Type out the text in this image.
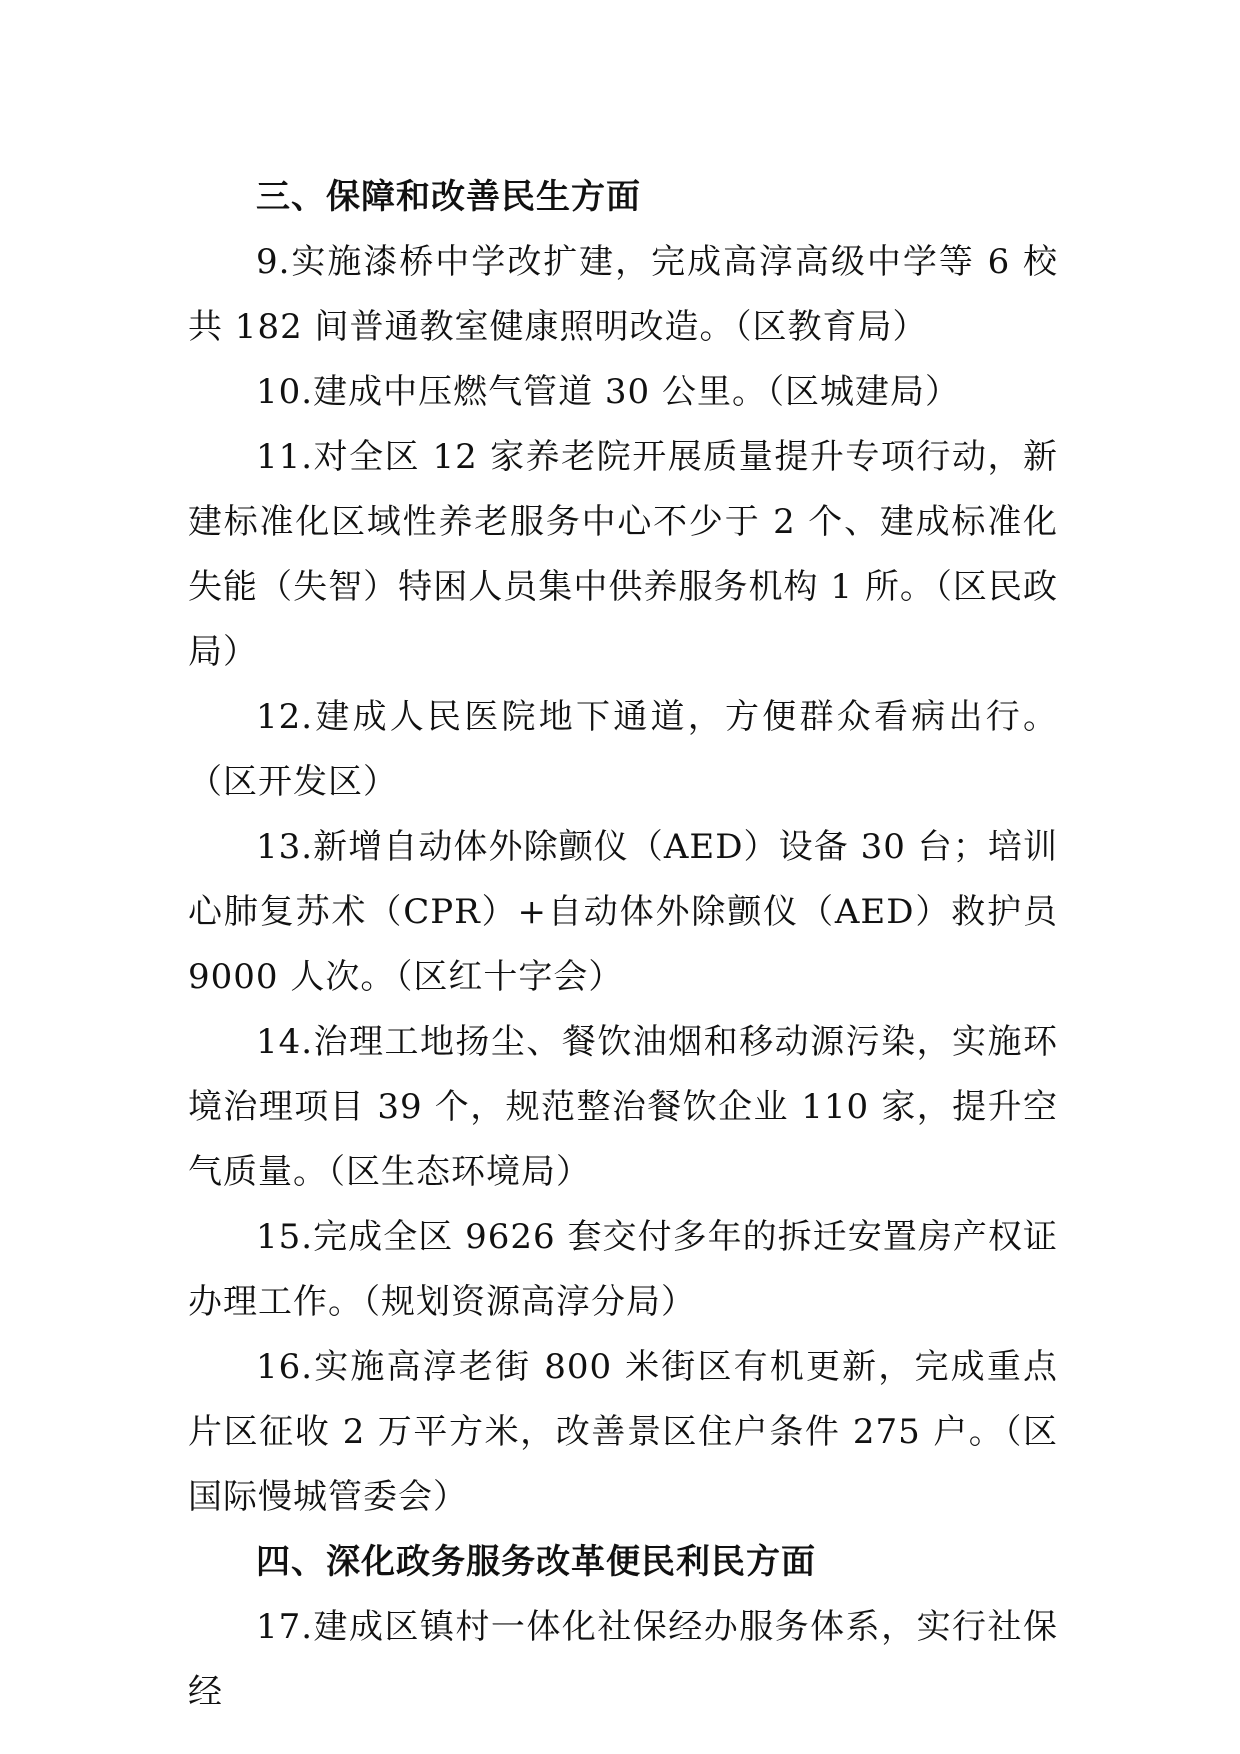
三、保障和改善民生方面

9.实施漆桥中学改扩建，完成高淳高级中学等 6 校共 182 间普通教室健康照明改造。（区教育局）

10.建成中压燃气管道 30 公里。（区城建局）

11.对全区 12 家养老院开展质量提升专项行动，新建标准化区域性养老服务中心不少于 2 个、建成标准化失能（失智）特困人员集中供养服务机构 1 所。（区民政局）

12.建成人民医院地下通道，方便群众看病出行。（区开发区）

13.新增自动体外除颤仪（AED）设备 30 台；培训心肺复苏术（CPR）+自动体外除颤仪（AED）救护员 9000 人次。（区红十字会）

14.治理工地扬尘、餐饮油烟和移动源污染，实施环境治理项目 39 个，规范整治餐饮企业 110 家，提升空气质量。（区生态环境局）

15.完成全区 9626 套交付多年的拆迁安置房产权证办理工作。（规划资源高淳分局）

16.实施高淳老街 800 米街区有机更新，完成重点片区征收 2 万平方米，改善景区住户条件 275 户。（区国际慢城管委会）

四、深化政务服务改革便民利民方面

17.建成区镇村一体化社保经办服务体系，实行社保经
